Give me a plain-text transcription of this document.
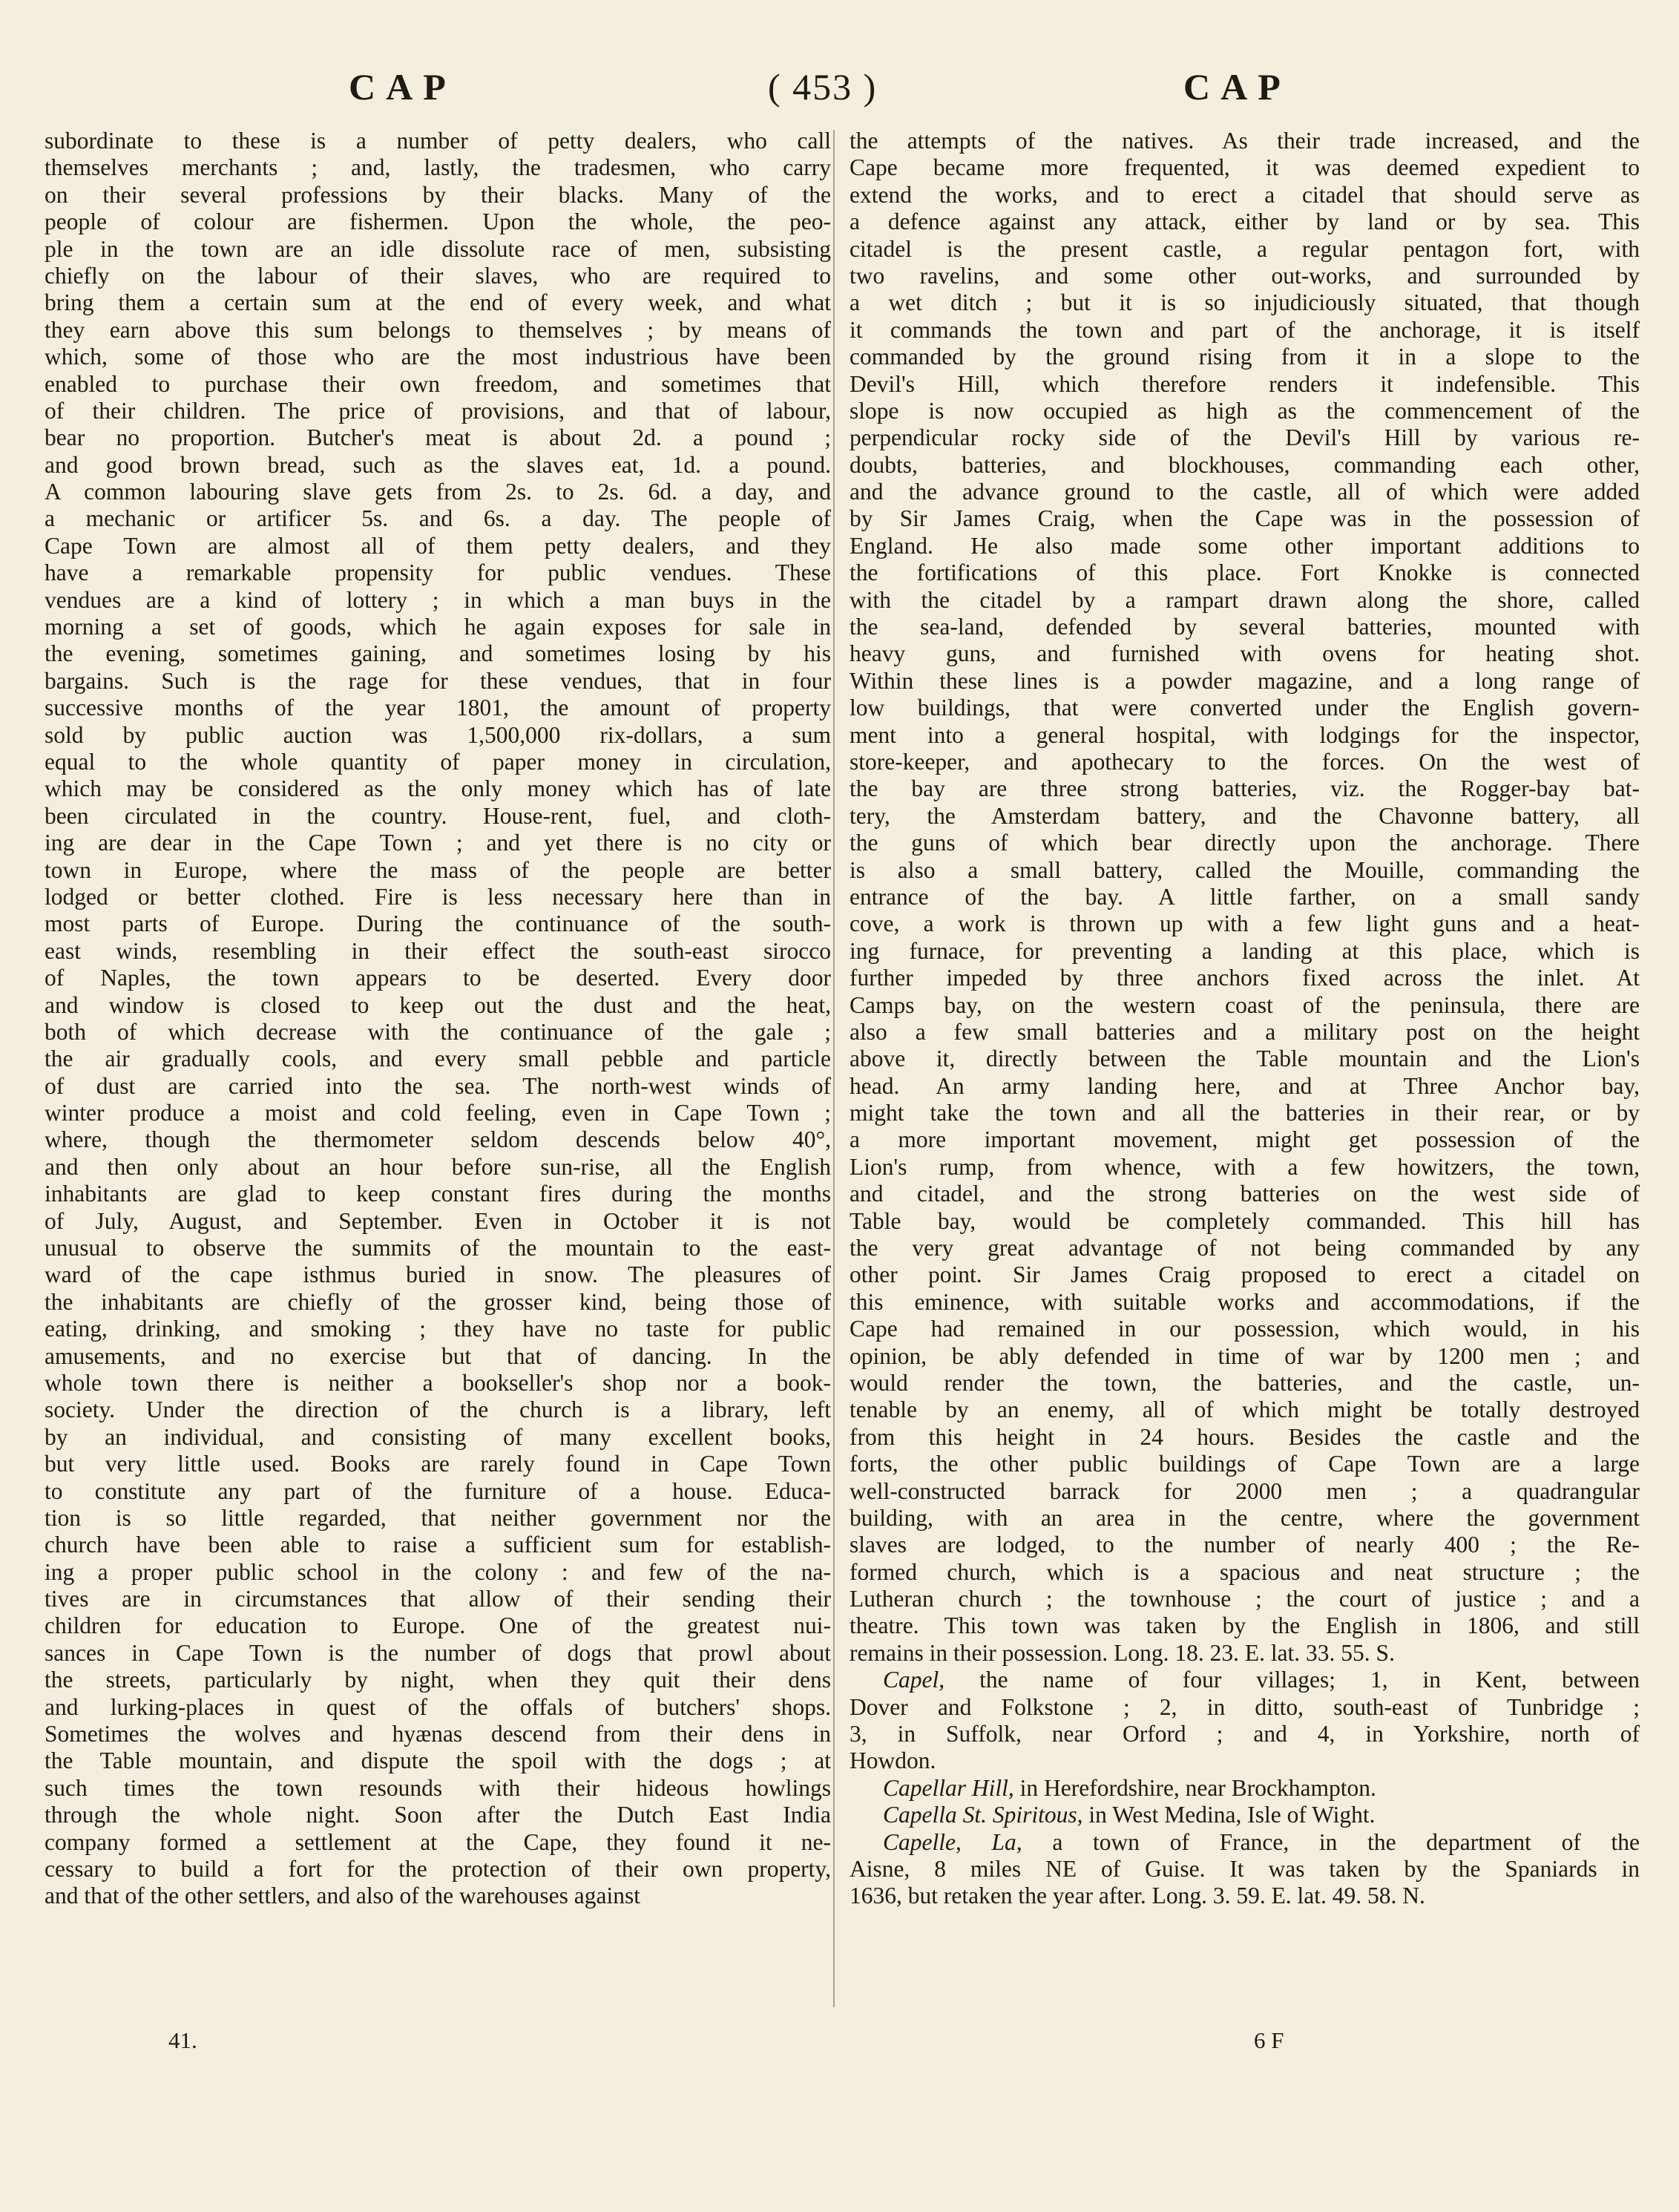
CAP	( 453 )	CAP
subordinate to these is a number of petty dealers, who call
themselves merchants ; and, lastly, the tradesmen, who carry
on their several professions by their blacks. Many of the
people of colour are fishermen. Upon the whole, the peo-
ple in the town are an idle dissolute race of men, subsisting
chiefly on the labour of their slaves, who are required to
bring them a certain sum at the end of every week, and what
they earn above this sum belongs to themselves ; by means of
which, some of those who are the most industrious have been
enabled to purchase their own freedom, and sometimes that
of their children. The price of provisions, and that of labour,
bear no proportion. Butcher's meat is about 2d. a pound ;
and good brown bread, such as the slaves eat, 1d. a pound.
A common labouring slave gets from 2s. to 2s. 6d. a day, and
a mechanic or artificer 5s. and 6s. a day. The people of
Cape Town are almost all of them petty dealers, and they
have a remarkable propensity for public vendues. These
vendues are a kind of lottery ; in which a man buys in the
morning a set of goods, which he again exposes for sale in
the evening, sometimes gaining, and sometimes losing by his
bargains. Such is the rage for these vendues, that in four
successive months of the year 1801, the amount of property
sold by public auction was 1,500,000 rix-dollars, a sum
equal to the whole quantity of paper money in circulation,
which may be considered as the only money which has of late
been circulated in the country. House-rent, fuel, and cloth-
ing are dear in the Cape Town ; and yet there is no city or
town in Europe, where the mass of the people are better
lodged or better clothed. Fire is less necessary here than in
most parts of Europe. During the continuance of the south-
east winds, resembling in their effect the south-east sirocco
of Naples, the town appears to be deserted. Every door
and window is closed to keep out the dust and the heat,
both of which decrease with the continuance of the gale ;
the air gradually cools, and every small pebble and particle
of dust are carried into the sea. The north-west winds of
winter produce a moist and cold feeling, even in Cape Town ;
where, though the thermometer seldom descends below 40°,
and then only about an hour before sun-rise, all the English
inhabitants are glad to keep constant fires during the months
of July, August, and September. Even in October it is not
unusual to observe the summits of the mountain to the east-
ward of the cape isthmus buried in snow. The pleasures of
the inhabitants are chiefly of the grosser kind, being those of
eating, drinking, and smoking ; they have no taste for public
amusements, and no exercise but that of dancing. In the
whole town there is neither a bookseller's shop nor a book-
society. Under the direction of the church is a library, left
by an individual, and consisting of many excellent books,
but very little used. Books are rarely found in Cape Town
to constitute any part of the furniture of a house. Educa-
tion is so little regarded, that neither government nor the
church have been able to raise a sufficient sum for establish-
ing a proper public school in the colony : and few of the na-
tives are in circumstances that allow of their sending their
children for education to Europe. One of the greatest nui-
sances in Cape Town is the number of dogs that prowl about
the streets, particularly by night, when they quit their dens
and lurking-places in quest of the offals of butchers' shops.
Sometimes the wolves and hyænas descend from their dens in
the Table mountain, and dispute the spoil with the dogs ; at
such times the town resounds with their hideous howlings
through the whole night. Soon after the Dutch East India
company formed a settlement at the Cape, they found it ne-
cessary to build a fort for the protection of their own property,
and that of the other settlers, and also of the warehouses against
the attempts of the natives. As their trade increased, and the
Cape became more frequented, it was deemed expedient to
extend the works, and to erect a citadel that should serve as
a defence against any attack, either by land or by sea. This
citadel is the present castle, a regular pentagon fort, with
two ravelins, and some other out-works, and surrounded by
a wet ditch ; but it is so injudiciously situated, that though
it commands the town and part of the anchorage, it is itself
commanded by the ground rising from it in a slope to the
Devil's Hill, which therefore renders it indefensible. This
slope is now occupied as high as the commencement of the
perpendicular rocky side of the Devil's Hill by various re-
doubts, batteries, and blockhouses, commanding each other,
and the advance ground to the castle, all of which were added
by Sir James Craig, when the Cape was in the possession of
England. He also made some other important additions to
the fortifications of this place. Fort Knokke is connected
with the citadel by a rampart drawn along the shore, called
the sea-land, defended by several batteries, mounted with
heavy guns, and furnished with ovens for heating shot.
Within these lines is a powder magazine, and a long range of
low buildings, that were converted under the English govern-
ment into a general hospital, with lodgings for the inspector,
store-keeper, and apothecary to the forces. On the west of
the bay are three strong batteries, viz. the Rogger-bay bat-
tery, the Amsterdam battery, and the Chavonne battery, all
the guns of which bear directly upon the anchorage. There
is also a small battery, called the Mouille, commanding the
entrance of the bay. A little farther, on a small sandy
cove, a work is thrown up with a few light guns and a heat-
ing furnace, for preventing a landing at this place, which is
further impeded by three anchors fixed across the inlet. At
Camps bay, on the western coast of the peninsula, there are
also a few small batteries and a military post on the height
above it, directly between the Table mountain and the Lion's
head. An army landing here, and at Three Anchor bay,
might take the town and all the batteries in their rear, or by
a more important movement, might get possession of the
Lion's rump, from whence, with a few howitzers, the town,
and citadel, and the strong batteries on the west side of
Table bay, would be completely commanded. This hill has
the very great advantage of not being commanded by any
other point. Sir James Craig proposed to erect a citadel on
this eminence, with suitable works and accommodations, if the
Cape had remained in our possession, which would, in his
opinion, be ably defended in time of war by 1200 men ; and
would render the town, the batteries, and the castle, un-
tenable by an enemy, all of which might be totally destroyed
from this height in 24 hours. Besides the castle and the
forts, the other public buildings of Cape Town are a large
well-constructed barrack for 2000 men ; a quadrangular
building, with an area in the centre, where the government
slaves are lodged, to the number of nearly 400 ; the Re-
formed church, which is a spacious and neat structure ; the
Lutheran church ; the townhouse ; the court of justice ; and a
theatre. This town was taken by the English in 1806, and still
remains in their possession. Long. 18. 23. E. lat. 33. 55. S.
Capel, the name of four villages; 1, in Kent, between
Dover and Folkstone ; 2, in ditto, south-east of Tunbridge ;
3, in Suffolk, near Orford ; and 4, in Yorkshire, north of
Howdon.
Capellar Hill, in Herefordshire, near Brockhampton.
Capella St. Spiritous, in West Medina, Isle of Wight.
Capelle, La, a town of France, in the department of the
Aisne, 8 miles NE of Guise. It was taken by the Spaniards in
1636, but retaken the year after. Long. 3. 59. E. lat. 49. 58. N.
41.	6 F
